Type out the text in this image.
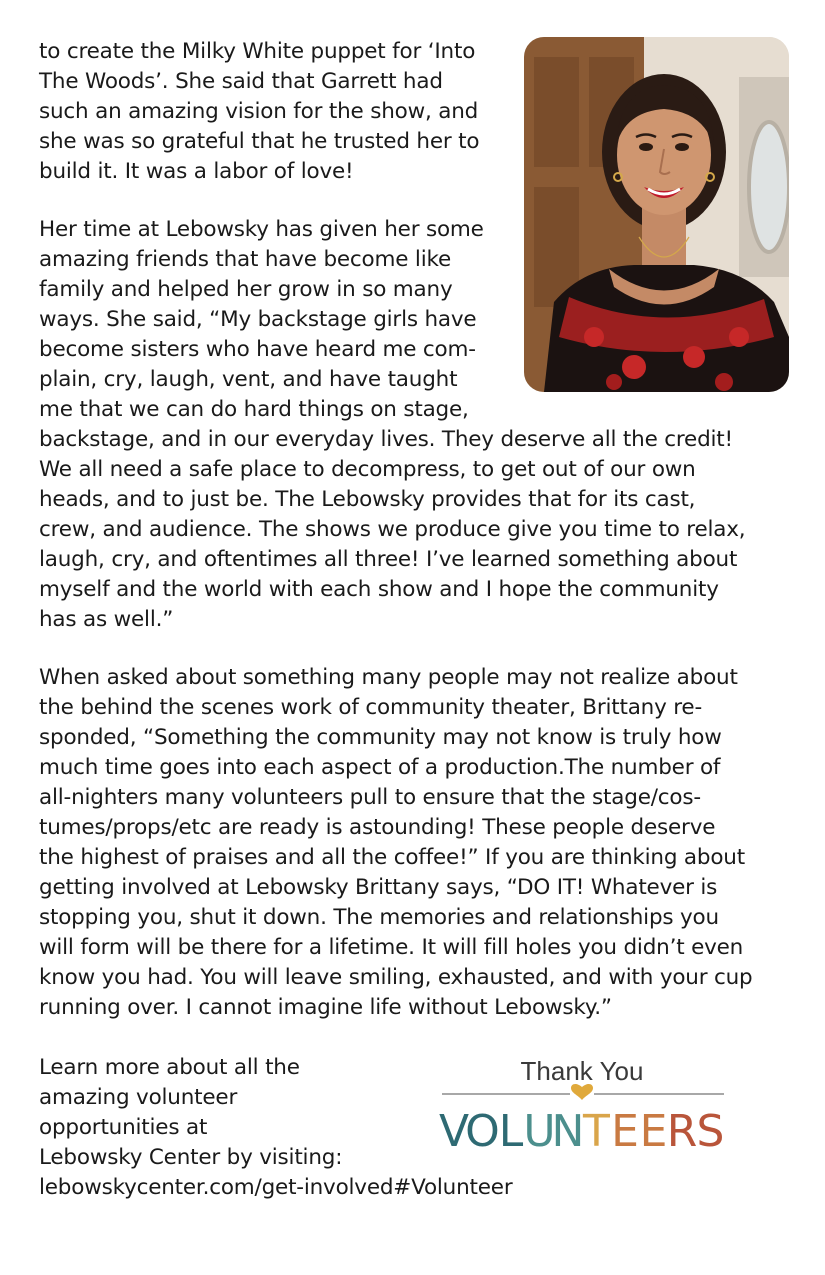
to create the Milky White puppet for ‘Into
The Woods’. She said that Garrett had
such an amazing vision for the show, and
she was so grateful that he trusted her to
build it. It was a labor of love!
Her time at Lebowsky has given her some
amazing friends that have become like
family and helped her grow in so many
ways. She said, “My backstage girls have
become sisters who have heard me com-
plain, cry, laugh, vent, and have taught
me that we can do hard things on stage,
backstage, and in our everyday lives. They deserve all the credit!
We all need a safe place to decompress, to get out of our own
heads, and to just be. The Lebowsky provides that for its cast,
crew, and audience. The shows we produce give you time to relax,
laugh, cry, and oftentimes all three! I’ve learned something about
myself and the world with each show and I hope the community
has as well.”
When asked about something many people may not realize about
the behind the scenes work of community theater, Brittany re-
sponded, “Something the community may not know is truly how
much time goes into each aspect of a production.The number of
all-nighters many volunteers pull to ensure that the stage/cos-
tumes/props/etc are ready is astounding! These people deserve
the highest of praises and all the coffee!” If you are thinking about
getting involved at Lebowsky Brittany says, “DO IT! Whatever is
stopping you, shut it down. The memories and relationships you
will form will be there for a lifetime. It will fill holes you didn’t even
know you had. You will leave smiling, exhausted, and with your cup
running over. I cannot imagine life without Lebowsky.”
Learn more about all the
amazing volunteer
opportunities at
Lebowsky Center by visiting:
lebowskycenter.com/get-involved#Volunteer
Thank You
V
O
L U
N
T E E R S
